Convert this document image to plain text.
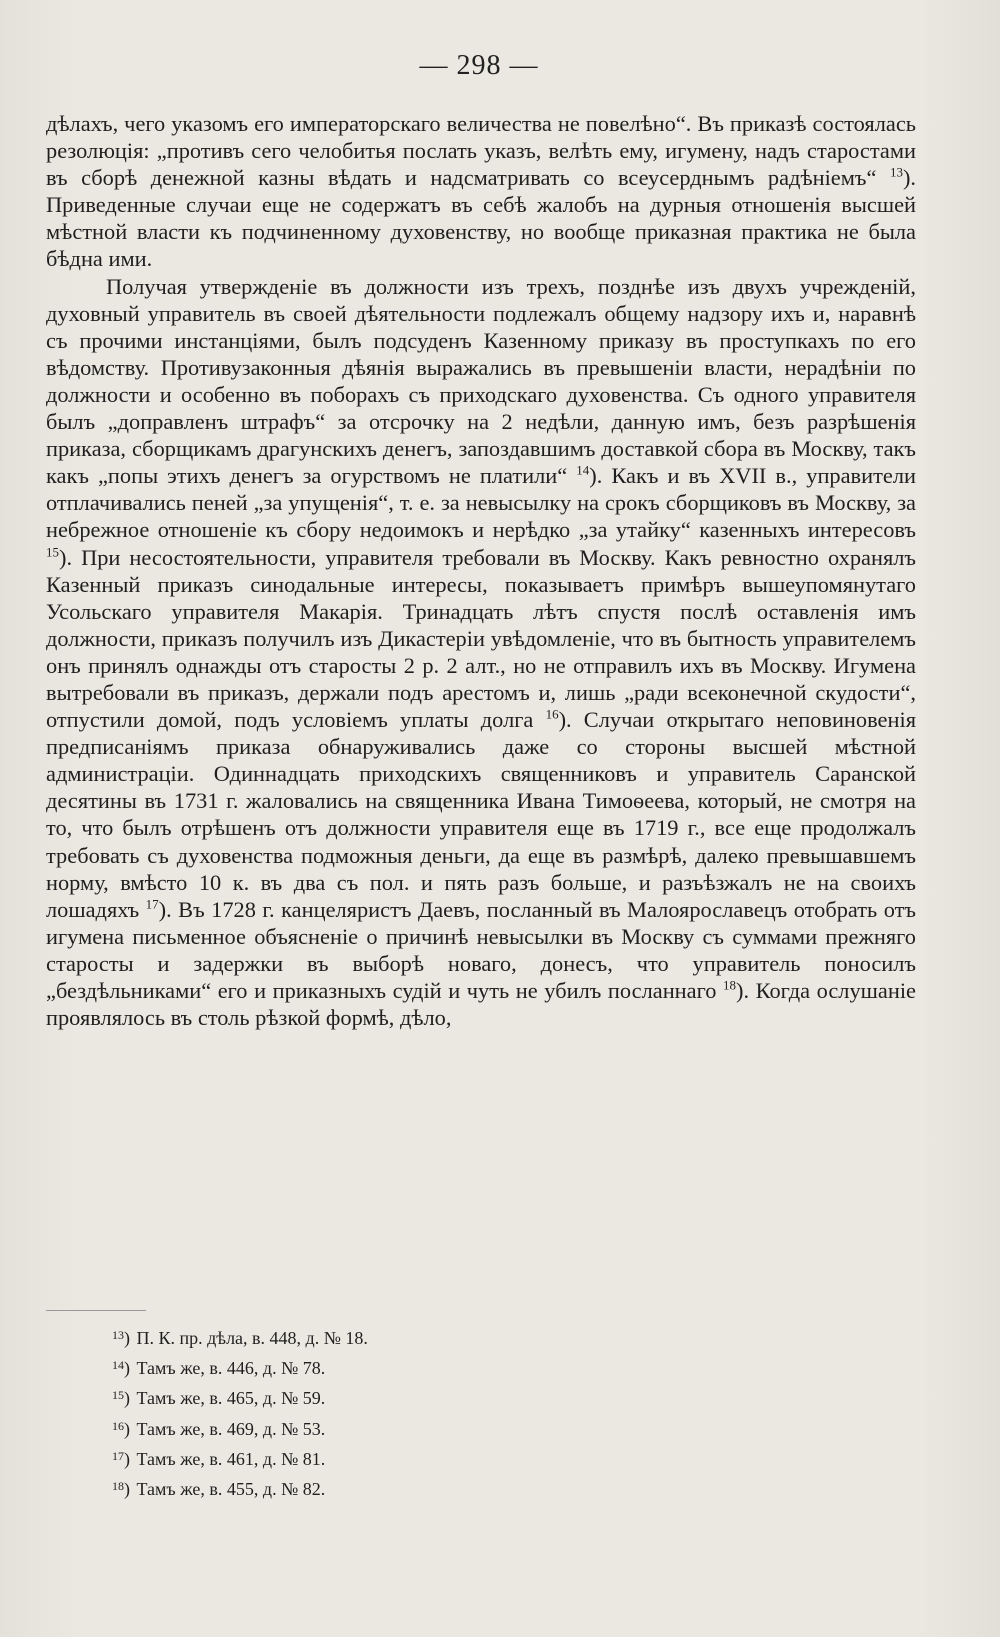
— 298 —

дѣлахъ, чего указомъ его императорскаго величества не повелѣно“. Въ приказѣ состоялась резолюція: „противъ сего челобитья послать указъ, велѣть ему, игумену, надъ старостами въ сборѣ денежной казны вѣдать и надсматривать со всеусерднымъ радѣніемъ“ $^{13}$). Приведенные случаи еще не содержатъ въ себѣ жалобъ на дурныя отношенія высшей мѣстной власти къ подчиненному духовенству, но вообще приказная практика не была бѣдна ими.

Получая утвержденіе въ должности изъ трехъ, позднѣе изъ двухъ учрежденій, духовный управитель въ своей дѣятельности подлежалъ общему надзору ихъ и, наравнѣ съ прочими инстанціями, былъ подсуденъ Казенному приказу въ проступкахъ по его вѣдомству. Противузаконныя дѣянія выражались въ превышеніи власти, нерадѣніи по должности и особенно въ поборахъ съ приходскаго духовенства. Съ одного управителя былъ „доправленъ штрафъ“ за отсрочку на 2 недѣли, данную имъ, безъ разрѣшенія приказа, сборщикамъ драгунскихъ денегъ, запоздавшимъ доставкой сбора въ Москву, такъ какъ „попы этихъ денегъ за огурствомъ не платили“ $^{14}$). Какъ и въ XVII в., управители отплачивались пеней „за упущенія“, т. е. за невысылку на срокъ сборщиковъ въ Москву, за небрежное отношеніе къ сбору недоимокъ и нерѣдко „за утайку“ казенныхъ интересовъ $^{15}$). При несостоятельности, управителя требовали въ Москву. Какъ ревностно охранялъ Казенный приказъ синодальные интересы, показываетъ примѣръ вышеупомянутаго Усольскаго управителя Макарія. Тринадцать лѣтъ спустя послѣ оставленія имъ должности, приказъ получилъ изъ Дикастеріи увѣдомленіе, что въ бытность управителемъ онъ принялъ однажды отъ старосты 2 р. 2 алт., но не отправилъ ихъ въ Москву. Игумена вытребовали въ приказъ, держали подъ арестомъ и, лишь „ради всеконечной скудости“, отпустили домой, подъ условіемъ уплаты долга $^{16}$). Случаи открытаго неповиновенія предписаніямъ приказа обнаруживались даже со стороны высшей мѣстной администраціи. Одиннадцать приходскихъ священниковъ и управитель Саранской десятины въ 1731 г. жаловались на священника Ивана Тимоѳеева, который, не смотря на то, что былъ отрѣшенъ отъ должности управителя еще въ 1719 г., все еще продолжалъ требовать съ духовенства подможныя деньги, да еще въ размѣрѣ, далеко превышавшемъ норму, вмѣсто 10 к. въ два съ пол. и пять разъ больше, и разъѣзжалъ не на своихъ лошадяхъ $^{17}$). Въ 1728 г. канцеляристъ Даевъ, посланный въ Малоярославецъ отобрать отъ игумена письменное объясненіе о причинѣ невысылки въ Москву съ суммами прежняго старосты и задержки въ выборѣ новаго, донесъ, что управитель поносилъ „бездѣльниками“ его и приказныхъ судій и чуть не убилъ посланнаго $^{18}$). Когда ослушаніе проявлялось въ столь рѣзкой формѣ, дѣло,

$^{13}$ ) П. К. пр. дѣла, в. 448, д. № 18.
$^{14}$ ) Тамъ же, в. 446, д. № 78.
$^{15}$ ) Тамъ же, в. 465, д. № 59.
$^{16}$ ) Тамъ же, в. 469, д. № 53.
$^{17}$ ) Тамъ же, в. 461, д. № 81.
$^{18}$ ) Тамъ же, в. 455, д. № 82.
